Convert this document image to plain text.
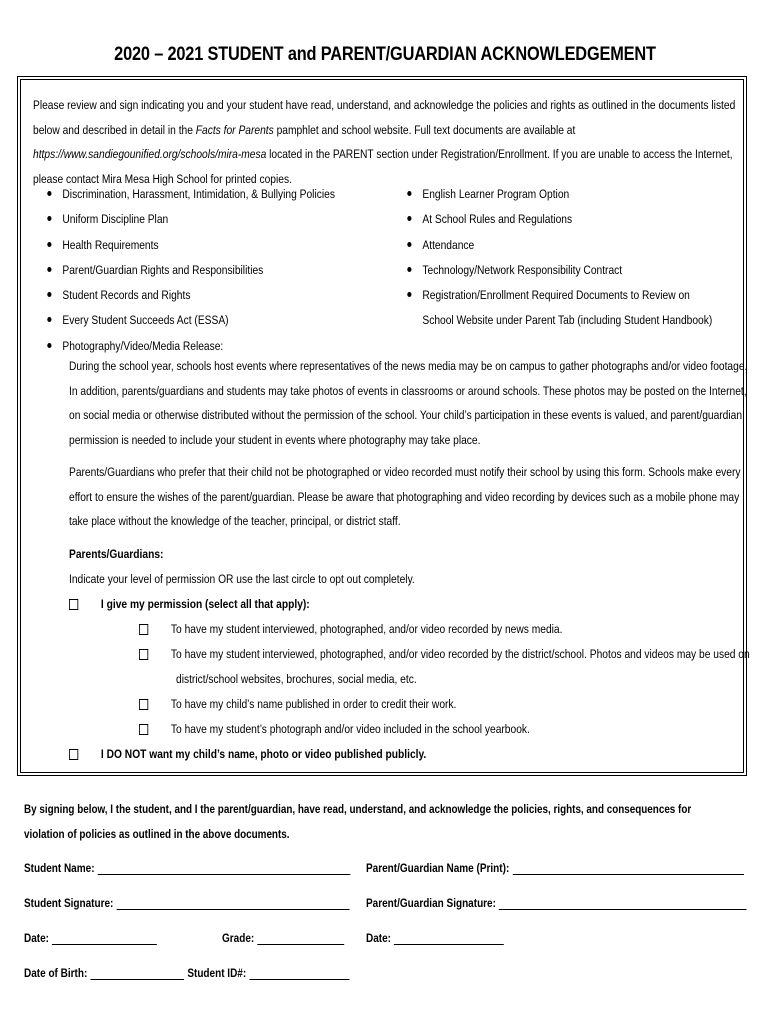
2020 – 2021 STUDENT and PARENT/GUARDIAN ACKNOWLEDGEMENT
Please review and sign indicating you and your student have read, understand, and acknowledge the policies and rights as outlined in the documents listed below and described in detail in the Facts for Parents pamphlet and school website. Full text documents are available at https://www.sandiegounified.org/schools/mira-mesa located in the PARENT section under Registration/Enrollment. If you are unable to access the Internet, please contact Mira Mesa High School for printed copies.
Discrimination, Harassment, Intimidation, & Bullying Policies
Uniform Discipline Plan
Health Requirements
Parent/Guardian Rights and Responsibilities
Student Records and Rights
Every Student Succeeds Act (ESSA)
Photography/Video/Media Release:
English Learner Program Option
At School Rules and Regulations
Attendance
Technology/Network Responsibility Contract
Registration/Enrollment Required Documents to Review on
School Website under Parent Tab (including Student Handbook)
During the school year, schools host events where representatives of the news media may be on campus to gather photographs and/or video footage. In addition, parents/guardians and students may take photos of events in classrooms or around schools. These photos may be posted on the Internet, on social media or otherwise distributed without the permission of the school. Your child’s participation in these events is valued, and parent/guardian permission is needed to include your student in events where photography may take place.
Parents/Guardians who prefer that their child not be photographed or video recorded must notify their school by using this form. Schools make every effort to ensure the wishes of the parent/guardian. Please be aware that photographing and video recording by devices such as a mobile phone may take place without the knowledge of the teacher, principal, or district staff.
Parents/Guardians:
Indicate your level of permission OR use the last circle to opt out completely.
I give my permission (select all that apply):
To have my student interviewed, photographed, and/or video recorded by news media.
To have my student interviewed, photographed, and/or video recorded by the district/school. Photos and videos may be used on
district/school websites, brochures, social media, etc.
To have my child’s name published in order to credit their work.
To have my student’s photograph and/or video included in the school yearbook.
I DO NOT want my child’s name, photo or video published publicly.
By signing below, I the student, and I the parent/guardian, have read, understand, and acknowledge the policies, rights, and consequences for violation of policies as outlined in the above documents.
Student Name:	Parent/Guardian Name (Print):
Student Signature:	Parent/Guardian Signature:
Date:	Grade:	Date:
Date of Birth:	Student ID#:
